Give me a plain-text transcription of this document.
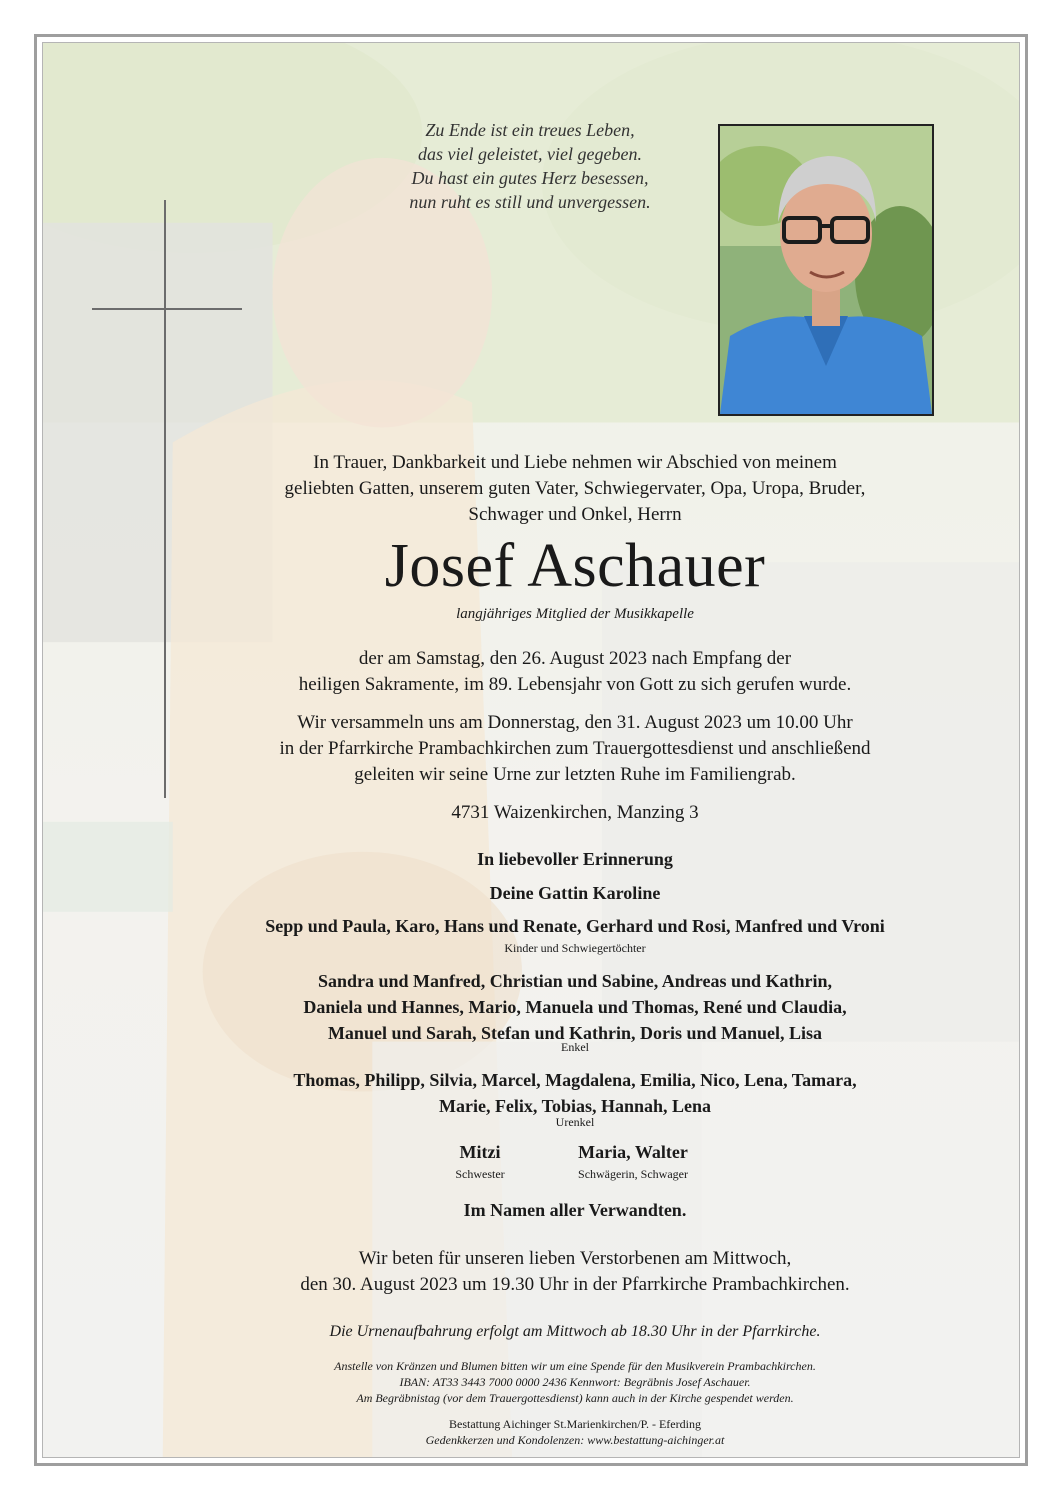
Zu Ende ist ein treues Leben,
das viel geleistet, viel gegeben.
Du hast ein gutes Herz besessen,
nun ruht es still und unvergessen.
In Trauer, Dankbarkeit und Liebe nehmen wir Abschied von meinem
geliebten Gatten, unserem guten Vater, Schwiegervater, Opa, Uropa, Bruder,
Schwager und Onkel, Herrn
Josef Aschauer
langjähriges Mitglied der Musikkapelle
der am Samstag, den 26. August 2023 nach Empfang der
heiligen Sakramente, im 89. Lebensjahr von Gott zu sich gerufen wurde.
Wir versammeln uns am Donnerstag, den 31. August 2023 um 10.00 Uhr
in der Pfarrkirche Prambachkirchen zum Trauergottesdienst und anschließend
geleiten wir seine Urne zur letzten Ruhe im Familiengrab.
4731 Waizenkirchen, Manzing 3
In liebevoller Erinnerung
Deine Gattin Karoline
Sepp und Paula, Karo, Hans und Renate, Gerhard und Rosi, Manfred und Vroni
Kinder und Schwiegertöchter
Sandra und Manfred, Christian und Sabine, Andreas und Kathrin,
Daniela und Hannes, Mario, Manuela und Thomas, René und Claudia,
Manuel und Sarah, Stefan und Kathrin, Doris und Manuel, Lisa
Enkel
Thomas, Philipp, Silvia, Marcel, Magdalena, Emilia, Nico, Lena, Tamara,
Marie, Felix, Tobias, Hannah, Lena
Urenkel
Mitzi
Schwester
Maria, Walter
Schwägerin, Schwager
Im Namen aller Verwandten.
Wir beten für unseren lieben Verstorbenen am Mittwoch,
den 30. August 2023 um 19.30 Uhr in der Pfarrkirche Prambachkirchen.
Die Urnenaufbahrung erfolgt am Mittwoch ab 18.30 Uhr in der Pfarrkirche.
Anstelle von Kränzen und Blumen bitten wir um eine Spende für den Musikverein Prambachkirchen.
IBAN: AT33 3443 7000 0000 2436 Kennwort: Begräbnis Josef Aschauer.
Am Begräbnistag (vor dem Trauergottesdienst) kann auch in der Kirche gespendet werden.
Bestattung Aichinger St.Marienkirchen/P. - Eferding
Gedenkkerzen und Kondolenzen: www.bestattung-aichinger.at
